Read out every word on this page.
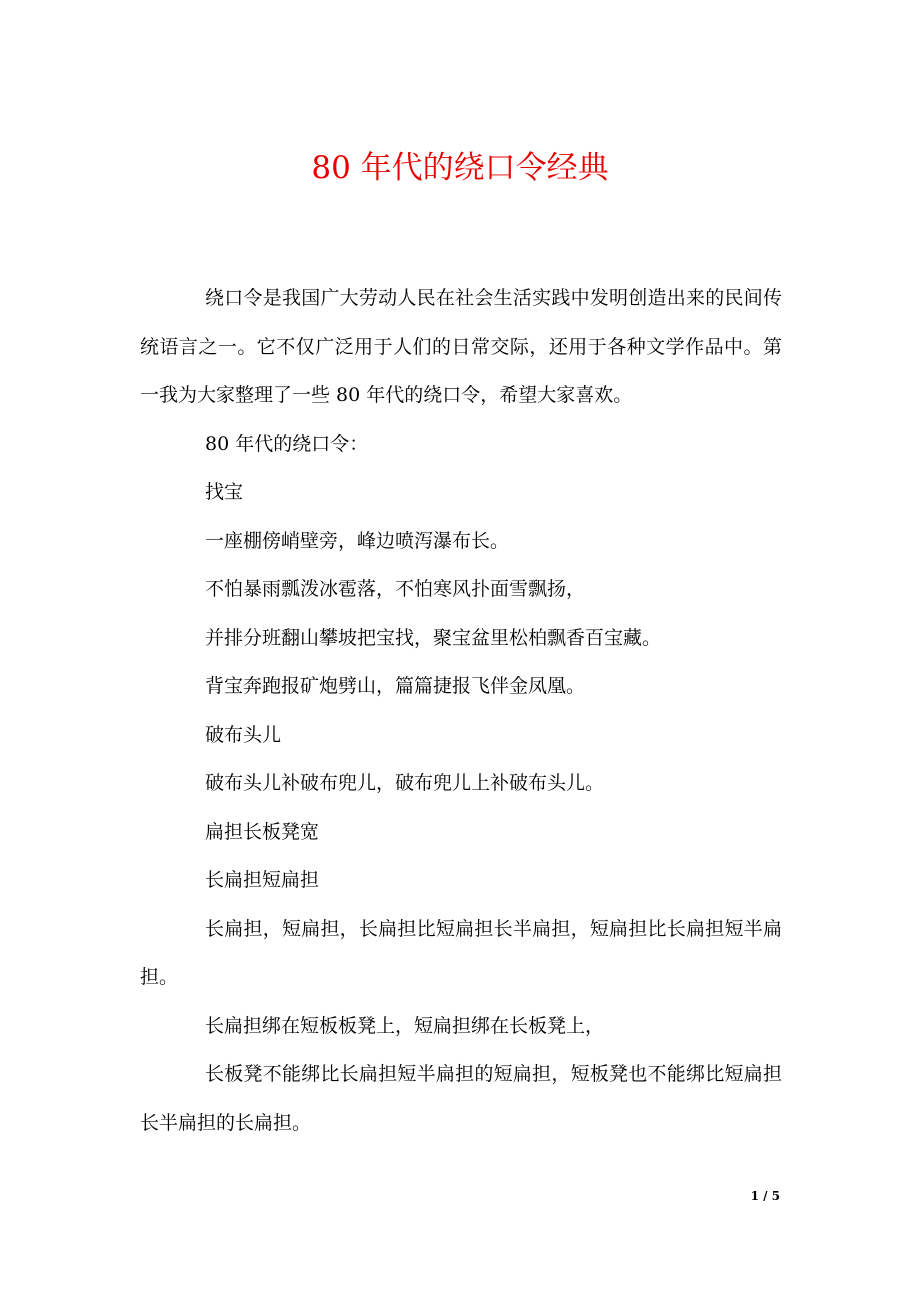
80 年代的绕口令经典

绕口令是我国广大劳动人民在社会生活实践中发明创造出来的民间传统语言之一。它不仅广泛用于人们的日常交际，还用于各种文学作品中。第一我为大家整理了一些 80 年代的绕口令，希望大家喜欢。

80 年代的绕口令：

找宝

一座棚傍峭壁旁，峰边喷泻瀑布长。

不怕暴雨瓢泼冰雹落，不怕寒风扑面雪飘扬，

并排分班翻山攀坡把宝找，聚宝盆里松柏飘香百宝藏。

背宝奔跑报矿炮劈山，篇篇捷报飞伴金凤凰。

破布头儿

破布头儿补破布兜儿，破布兜儿上补破布头儿。

扁担长板凳宽

长扁担短扁担

长扁担，短扁担，长扁担比短扁担长半扁担，短扁担比长扁担短半扁担。

长扁担绑在短板板凳上，短扁担绑在长板凳上，

长板凳不能绑比长扁担短半扁担的短扁担，短板凳也不能绑比短扁担长半扁担的长扁担。

1 / 5
